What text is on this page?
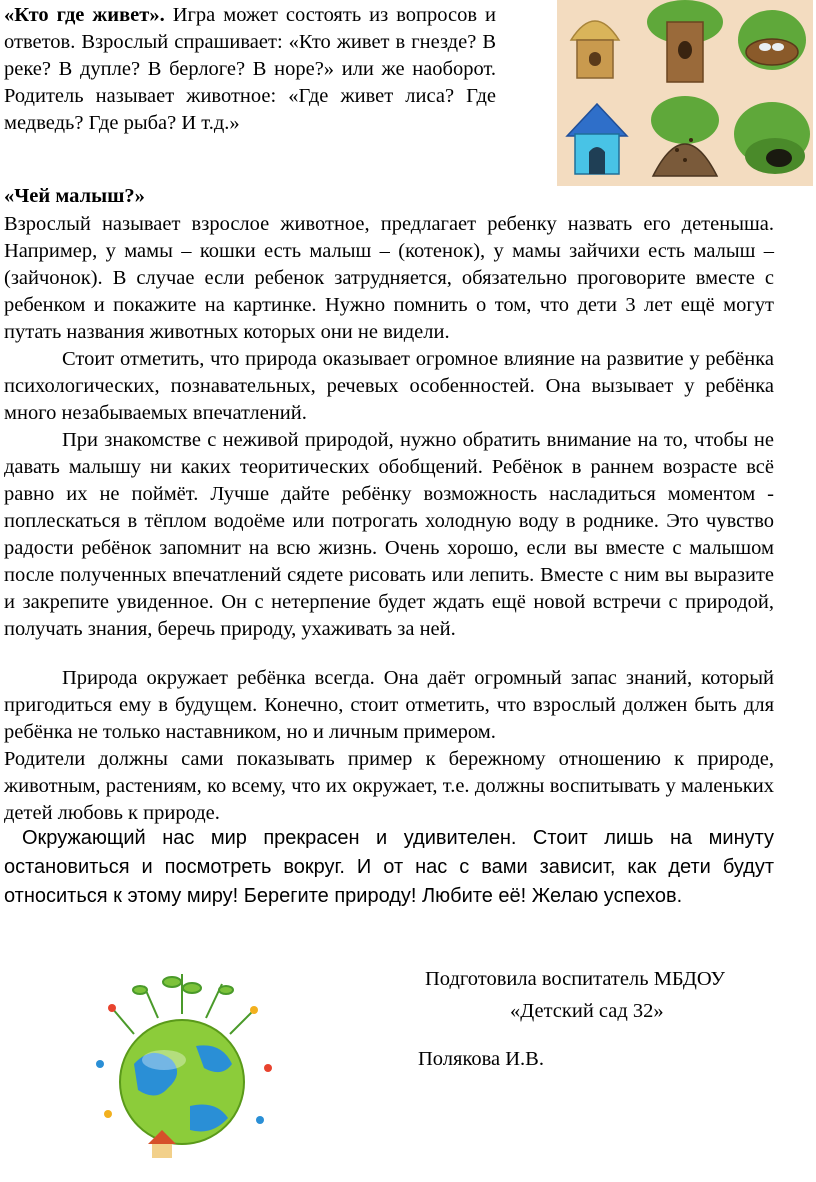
«Кто где живет». Игра может состоять из вопросов и ответов. Взрослый спрашивает: «Кто живет в гнезде? В реке? В дупле? В берлоге? В норе?» или же наоборот. Родитель называет животное: «Где живет лиса? Где медведь? Где рыба? И т.д.»

«Чей малыш?»

Взрослый называет взрослое животное, предлагает ребенку назвать его детеныша. Например, у мамы – кошки есть малыш – (котенок), у мамы зайчихи есть малыш – (зайчонок). В случае если ребенок затрудняется, обязательно проговорите вместе с ребенком и покажите на картинке. Нужно помнить о том, что дети 3 лет ещё могут путать названия животных которых они не видели.

Стоит отметить, что природа оказывает огромное влияние на развитие у ребёнка психологических, познавательных, речевых особенностей. Она вызывает у ребёнка много незабываемых впечатлений.

При знакомстве с неживой природой, нужно обратить внимание на то, чтобы не давать малышу ни каких теоритических обобщений. Ребёнок в раннем возрасте всё равно их не поймёт. Лучше дайте ребёнку возможность насладиться моментом - поплескаться в тёплом водоёме или потрогать холодную воду в роднике. Это чувство радости ребёнок запомнит на всю жизнь. Очень хорошо, если вы вместе с малышом после полученных впечатлений сядете рисовать или лепить. Вместе с ним вы выразите и закрепите увиденное. Он с нетерпение будет ждать ещё новой встречи с природой, получать знания, беречь природу, ухаживать за ней.

Природа окружает ребёнка всегда. Она даёт огромный запас знаний, который пригодиться ему в будущем. Конечно, стоит отметить, что взрослый должен быть для ребёнка не только наставником, но и личным примером.
Родители должны сами показывать пример к бережному отношению к природе, животным, растениям, ко всему, что их окружает, т.е. должны воспитывать у маленьких детей любовь к природе.

Окружающий нас мир прекрасен и удивителен. Стоит лишь на минуту остановиться и посмотреть вокруг. И от нас с вами зависит, как дети будут относиться к этому миру! Берегите природу! Любите её! Желаю успехов.

Подготовила воспитатель МБДОУ
«Детский сад 32»
Полякова И.В.
